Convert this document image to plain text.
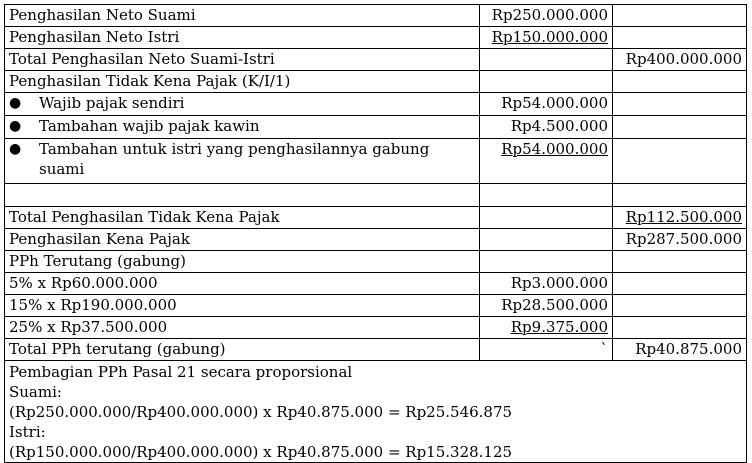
Penghasilan Neto Suami	Rp250.000.000	
Penghasilan Neto Istri	Rp150.000.000	
Total Penghasilan Neto Suami-Istri		Rp400.000.000
Penghasilan Tidak Kena Pajak (K/I/1)		

● Wajib pajak sendiri	Rp54.000.000	

● Tambahan wajib pajak kawin	Rp4.500.000	

● Tambahan untuk istri yang penghasilannya gabung
suami	Rp54.000.000	

Total Penghasilan Tidak Kena Pajak		Rp112.500.000
Penghasilan Kena Pajak		Rp287.500.000
PPh Terutang (gabung)		
5% x Rp60.000.000	Rp3.000.000	
15% x Rp190.000.000	Rp28.500.000	
25% x Rp37.500.000	Rp9.375.000	
Total PPh terutang (gabung)	`	Rp40.875.000

Pembagian PPh Pasal 21 secara proporsional
Suami:
(Rp250.000.000/Rp400.000.000) x Rp40.875.000 = Rp25.546.875
Istri:
(Rp150.000.000/Rp400.000.000) x Rp40.875.000 = Rp15.328.125		
